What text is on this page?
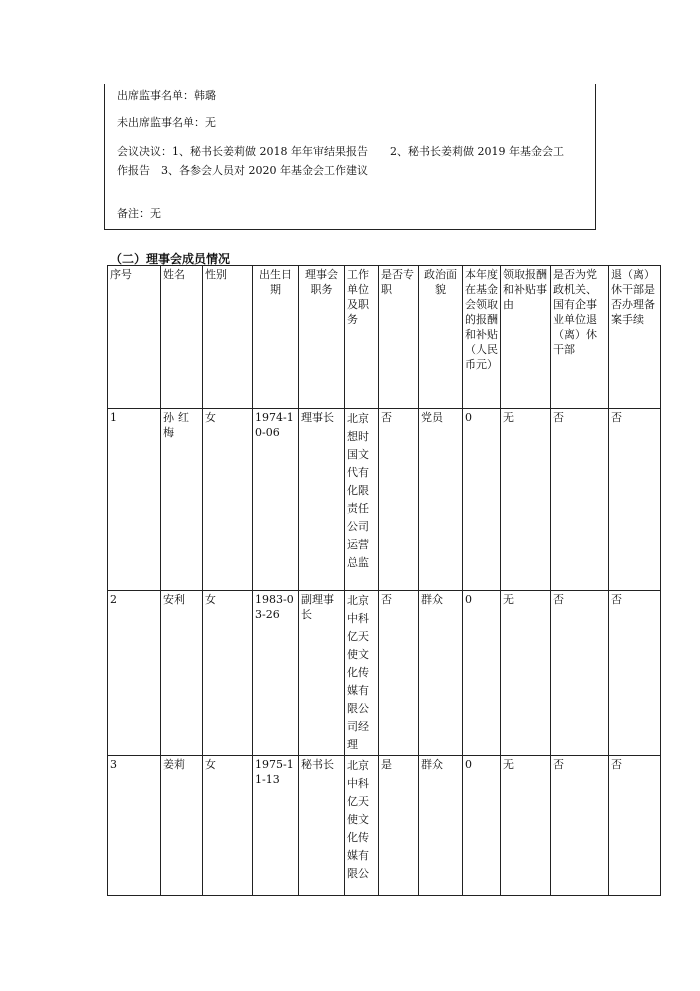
出席监事名单：韩璐

未出席监事名单：无

会议决议：1、秘书长姜莉做 2018 年年审结果报告　　2、秘书长姜莉做 2019 年基金会工

作报告　3、各参会人员对 2020 年基金会工作建议

备注：无

（二）理事会成员情况
序号	姓名	性别	出生日期	理事会职务	工作单位及职务	是否专职	政治面貌	本年度在基金会领取的报酬和补贴（人民币元）	领取报酬和补贴事由	是否为党政机关、国有企事业单位退（离）休干部	退（离）休干部是否办理备案手续
1	孙红梅	女	1974-10-06	理事长	北京想时国文代有化限责任公司运营总监	否	党员	0	无	否	否
2	安利	女	1983-03-26	副理事长	北京中科亿天使文化传媒有限公司经理	否	群众	0	无	否	否
3	姜莉	女	1975-11-13	秘书长	北京中科亿天使文化传媒有限公	是	群众	0	无	否	否
